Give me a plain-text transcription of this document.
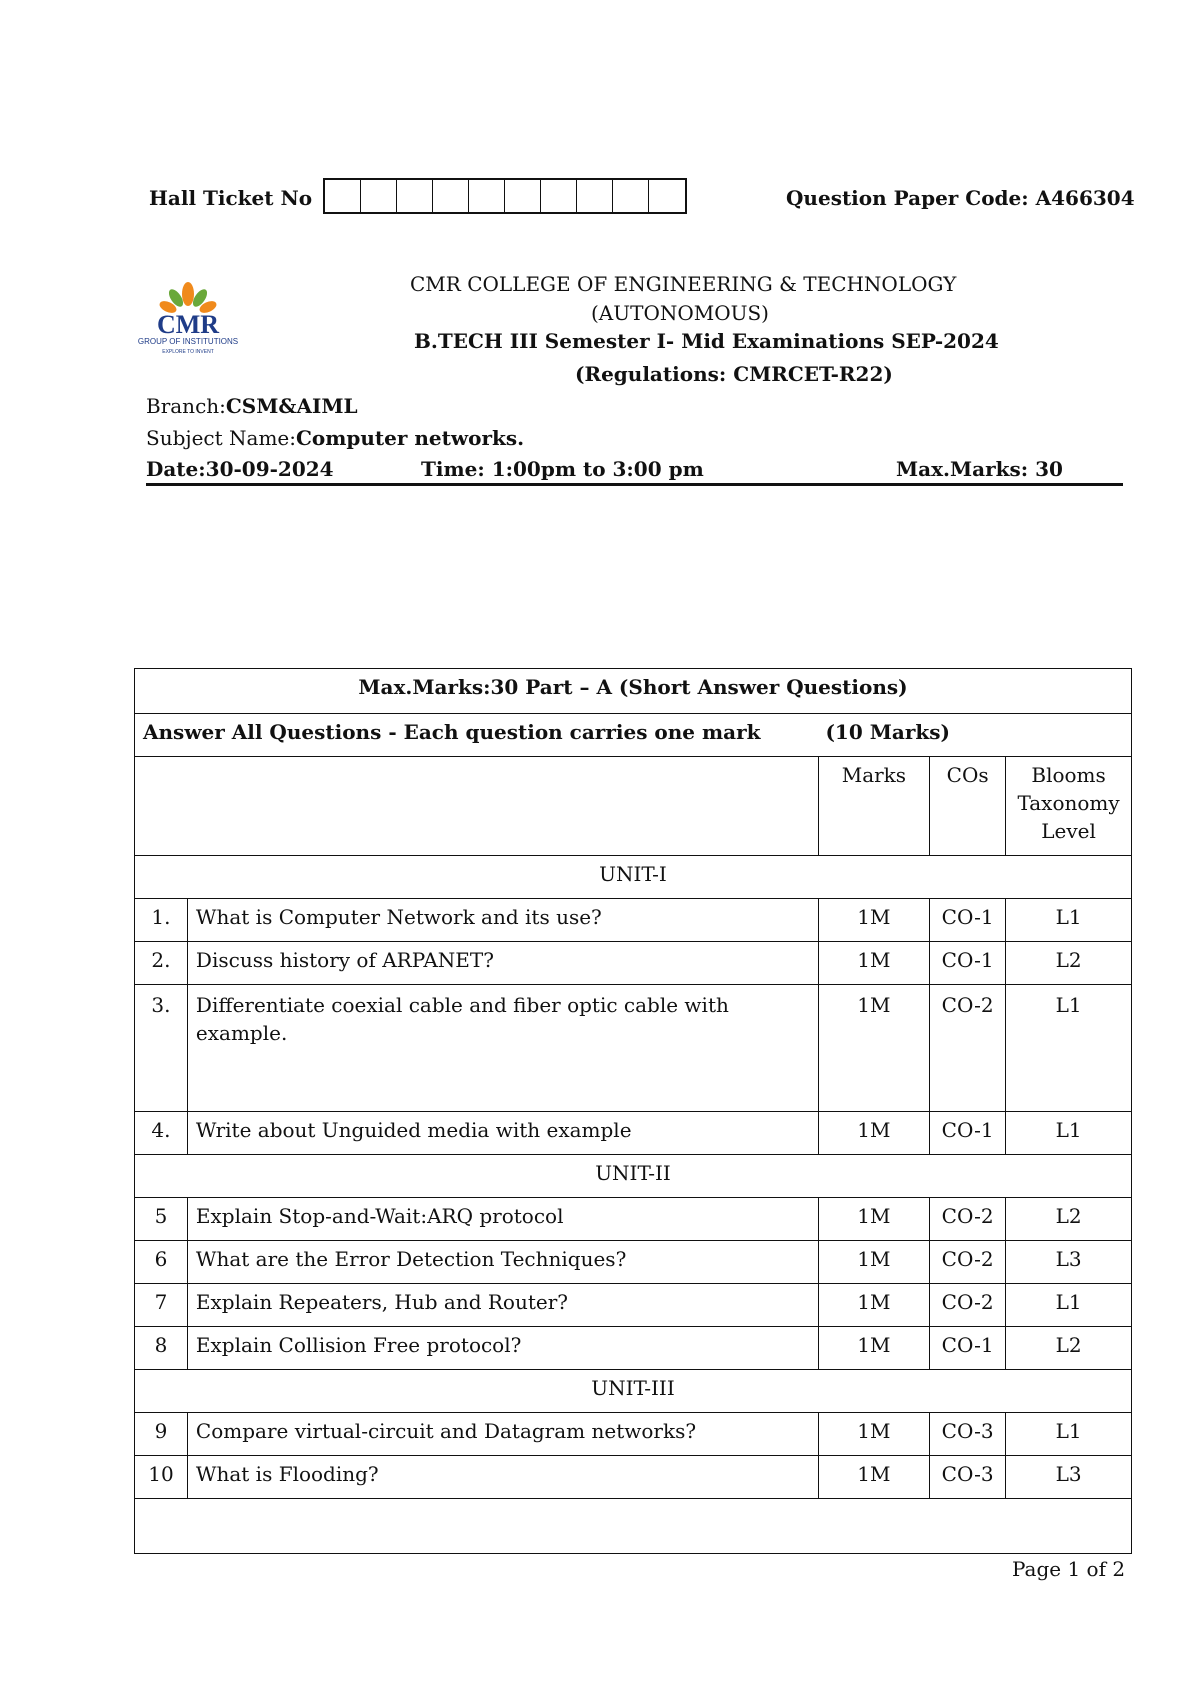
Hall Ticket No	Question Paper Code: A466304
CMR
GROUP OF INSTITUTIONS
EXPLORE TO INVENT
CMR COLLEGE OF ENGINEERING & TECHNOLOGY
(AUTONOMOUS)
B.TECH III Semester I- Mid Examinations SEP-2024
(Regulations: CMRCET-R22)
Branch:CSM&AIML
Subject Name:Computer networks.
Date:30-09-2024	Time: 1:00pm to 3:00 pm	Max.Marks: 30
Max.Marks:30 Part – A (Short Answer Questions)				
Answer All Questions - Each question carries one mark (10 Marks)				
		Marks	COs	Blooms Taxonomy Level
UNIT-I				
1.	What is Computer Network and its use?	1M	CO-1	L1
2.	Discuss history of ARPANET?	1M	CO-1	L2
3.	Differentiate coexial cable and fiber optic cable with example.	1M	CO-2	L1
4.	Write about Unguided media with example	1M	CO-1	L1
UNIT-II				
5	Explain Stop-and-Wait:ARQ protocol	1M	CO-2	L2
6	What are the Error Detection Techniques?	1M	CO-2	L3
7	Explain Repeaters, Hub and Router?	1M	CO-2	L1
8	Explain Collision Free protocol?	1M	CO-1	L2
UNIT-III				
9	Compare virtual-circuit and Datagram networks?	1M	CO-3	L1
10	What is Flooding?	1M	CO-3	L3

Page 1 of 2
